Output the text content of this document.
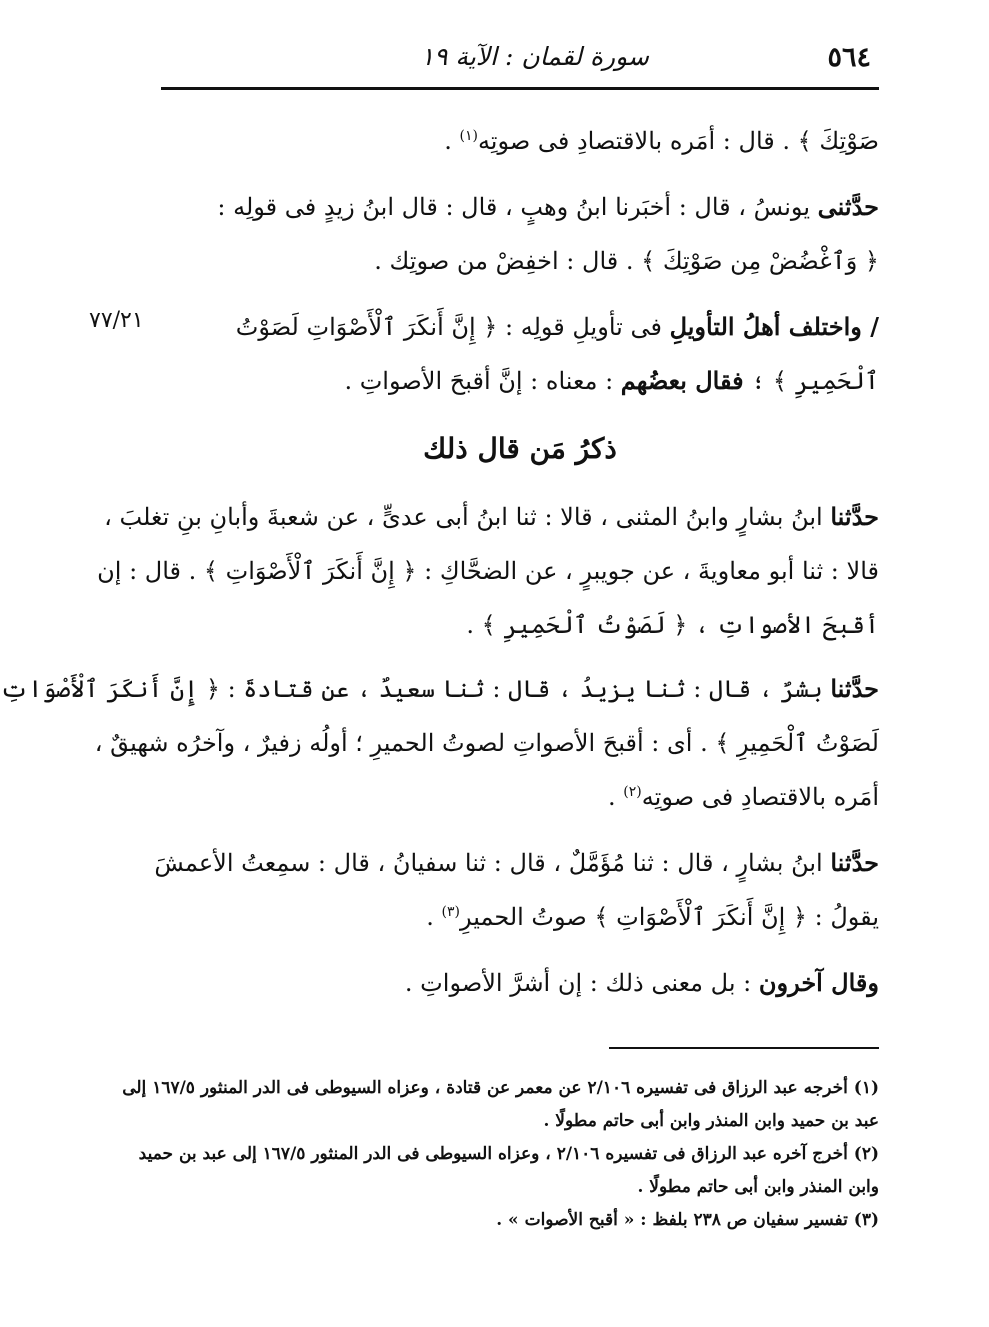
٥٦٤
سورة لقمان : الآية ١٩
٧٧/٢١
صَوْتِكَ ﴾ . قال : أمَره بالاقتصادِ فى صوتِه$^{(١)}$ .
حدَّثنى يونسُ ، قال : أخبَرنا ابنُ وهبٍ ، قال : قال ابنُ زيدٍ فى قولِه :
﴿ وَٱغْضُضْ مِن صَوْتِكَ ﴾ . قال : اخفِضْ من صوتِك .
/ واختلف أهلُ التأويلِ فى تأويلِ قولِه : ﴿ إِنَّ أَنكَرَ ٱلْأَصْوَاتِ لَصَوْتُ
ٱلْحَمِيرِ ﴾ ؛ فقال بعضُهم : معناه : إنَّ أقبحَ الأصواتِ .
ذكرُ مَن قال ذلك
حدَّثنا ابنُ بشارٍ وابنُ المثنى ، قالا : ثنا ابنُ أبى عدىٍّ ، عن شعبةَ وأبانِ بنِ تغلبَ ،
قالا : ثنا أبو معاويةَ ، عن جويبرٍ ، عن الضحَّاكِ : ﴿ إِنَّ أَنكَرَ ٱلْأَصْوَاتِ ﴾ . قال : إن
أقبحَ الأصواتِ ، ﴿ لَصَوْتُ ٱلْحَمِيرِ ﴾ .
حدَّثنا بشرٌ ، قال : ثنا يزيدُ ، قال : ثنا سعيدٌ ، عن قتادةَ : ﴿ إِنَّ أَنكَرَ ٱلْأَصْوَاتِ
لَصَوْتُ ٱلْحَمِيرِ ﴾ . أى : أقبحَ الأصواتِ لصوتُ الحميرِ ؛ أولُه زفيرٌ ، وآخرُه شهيقٌ ،
أمَره بالاقتصادِ فى صوتِه$^{(٢)}$ .
حدَّثنا ابنُ بشارٍ ، قال : ثنا مُؤَمَّلٌ ، قال : ثنا سفيانُ ، قال : سمِعتُ الأعمشَ
يقولُ : ﴿ إِنَّ أَنكَرَ ٱلْأَصْوَاتِ ﴾ صوتُ الحميرِ$^{(٣)}$ .
وقال آخرون : بل معنى ذلك : إن أشرَّ الأصواتِ .
(١) أخرجه عبد الرزاق فى تفسيره ٢/١٠٦ عن معمر عن قتادة ، وعزاه السيوطى فى الدر المنثور ١٦٧/٥ إلى
عبد بن حميد وابن المنذر وابن أبى حاتم مطولًا .
(٢) أخرج آخره عبد الرزاق فى تفسيره ٢/١٠٦ ، وعزاه السيوطى فى الدر المنثور ١٦٧/٥ إلى عبد بن حميد
وابن المنذر وابن أبى حاتم مطولًا .
(٣) تفسير سفيان ص ٢٣٨ بلفظ : « أقبح الأصوات » .
